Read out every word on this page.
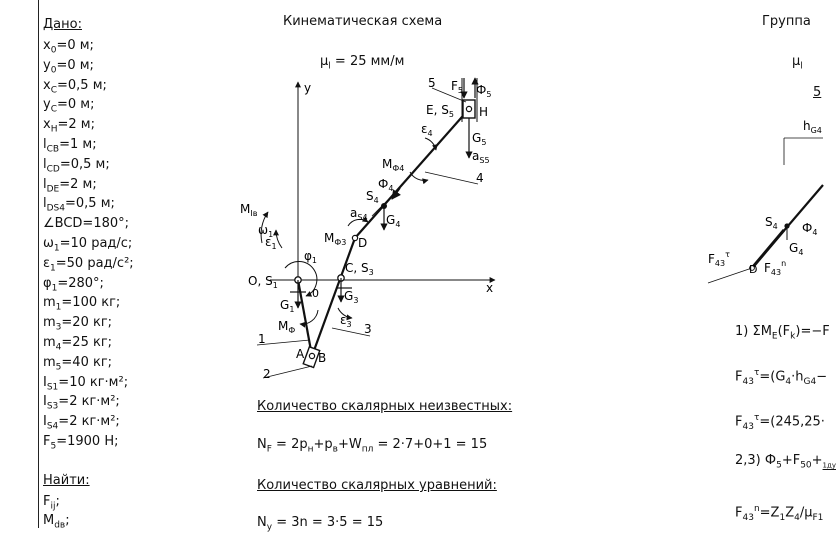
Дано:
$x_0=0$ м;
$y_0=0$ м;
$x_C=0,5$ м;
$y_C=0$ м;
$x_H=2$ м;
$l_{CB}=1$ м;
$l_{CD}=0,5$ м;
$l_{DE}=2$ м;
$l_{DS4}=0,5$ м;
∠BCD=180°;
$\omega_1=10$ рад/с;
$\varepsilon_1=50$ рад/с²;
$\varphi_1=280^\circ$;
$m_1=100$ кг;
$m_3=20$ кг;
$m_4=25$ кг;
$m_5=40$ кг;
$I_{S1}=10$ кг·м²;
$I_{S3}=2$ кг·м²;
$I_{S4}=2$ кг·м²;
$F_5=1900$ Н;
Найти:
$F_{ij}$;
$M_{dв}$;
Кинематическая схема
$\mu_l = 25$ мм/м
y
x
O, $S_1$
0
C, $S_3$
D
A B
E, $S_5$ H
1
2
3
4
5
$\varphi_1$
$\omega_1$
$\varepsilon_1$
$\varepsilon_3$
$\varepsilon_4$
$M_{Iв}$
$M_Ф$
$M_{Ф3}$
$M_{Ф4}$
$G_1$
$G_3$
$G_4$
$G_5$
$S_4$
$Ф_4$
$a_{S4}$
$a_{S5}$
$F_5$ $Ф_5$
$h_{G4}$
$S_4$ $Ф_4$
$G_4$
$F_{43}^\tau$
$F_{43}^n$
D
Количество скалярных неизвестных:
$N_F = 2p_н+p_в+W_{пл} = 2\cdot 7+0+1 = 15$
Количество скалярных уравнений:
$N_y = 3n = 3\cdot 5 = 15$
Группа
$\mu_l$
5
1) $\Sigma M_E(F_k)=-F$
$F_{43}^\tau=(G_4\cdot h_{G4}-$
$F_{43}^\tau=(245,25\cdot$
2,3) $Ф_5+F_{50}+_{1ду}$
$F_{43}^n=Z_1Z_4/\mu_{F1}$
